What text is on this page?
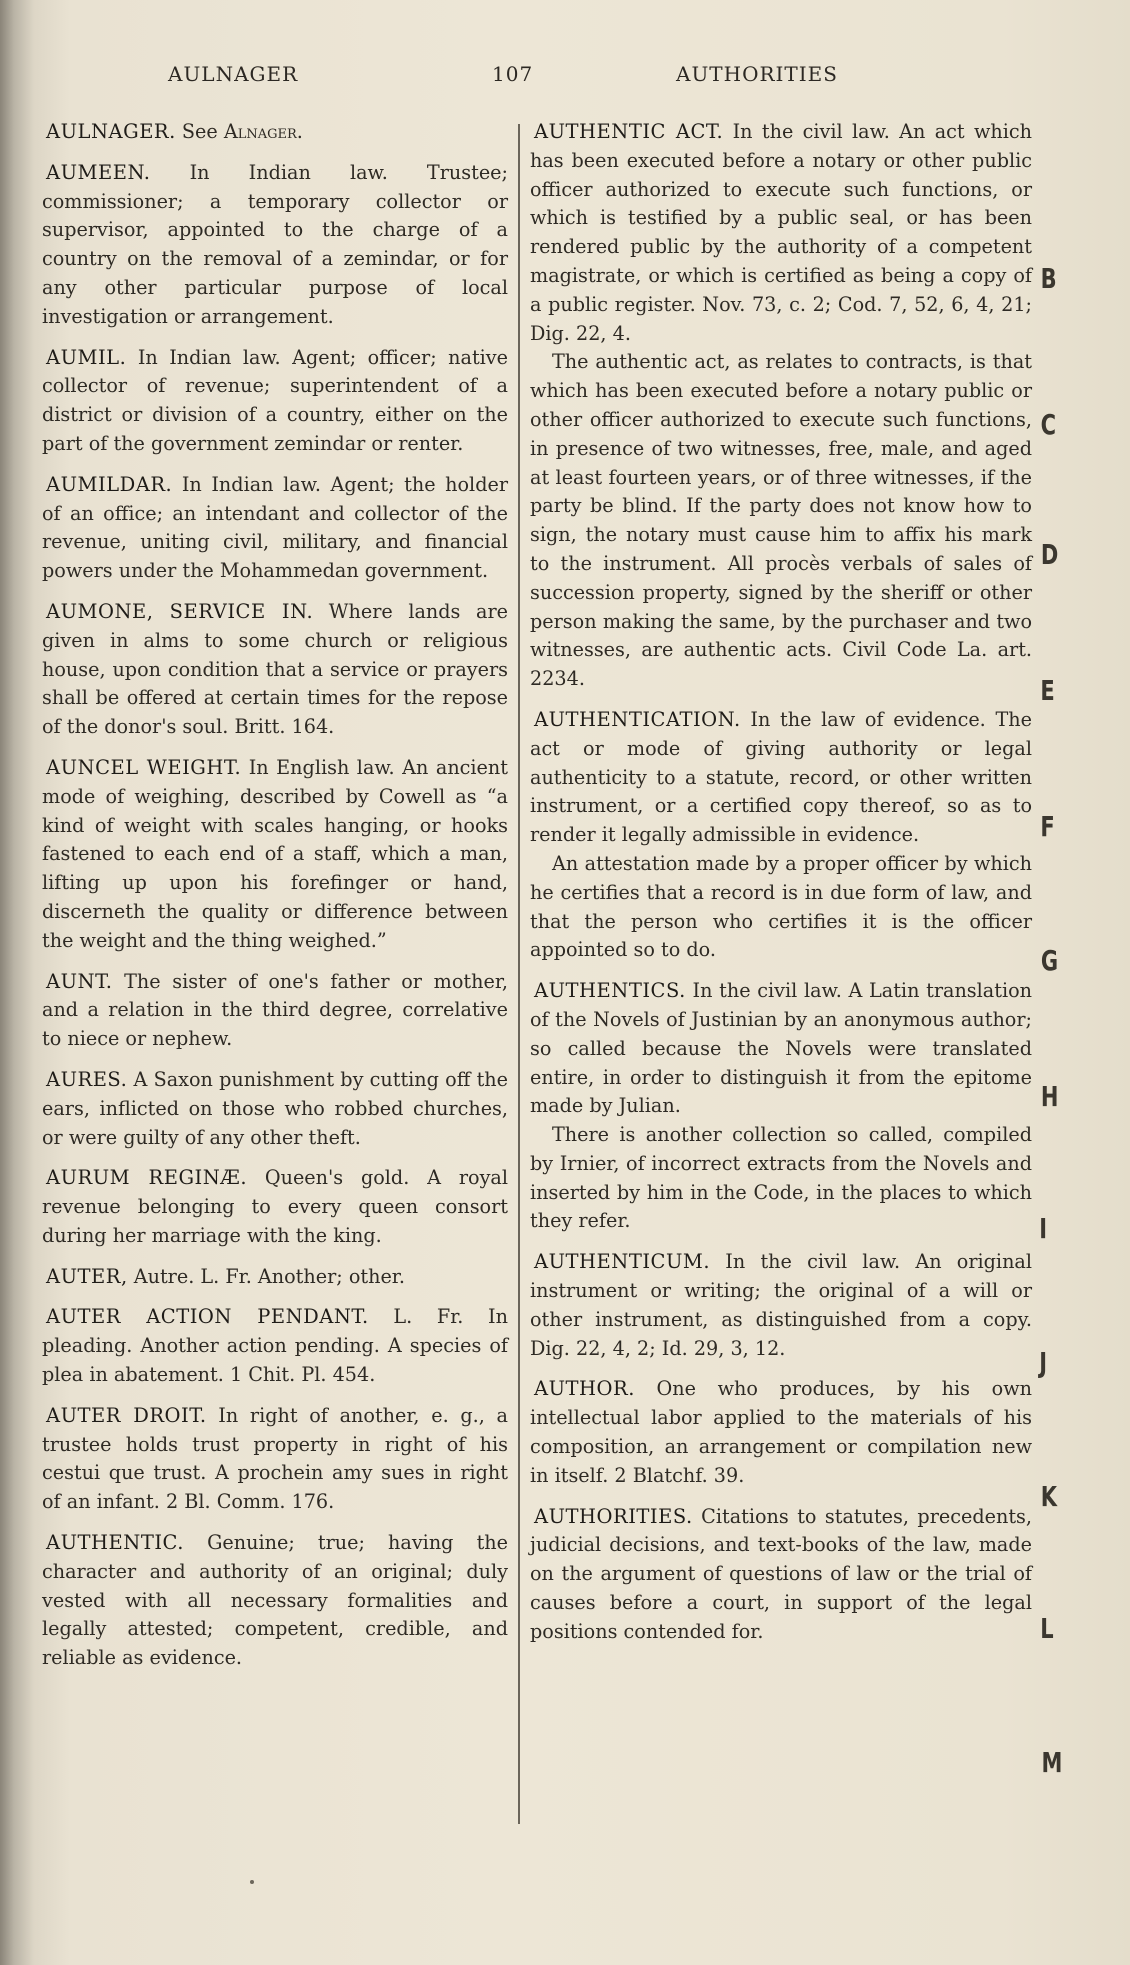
AULNAGER	107	AUTHORITIES

AULNAGER. See Alnager.

AUMEEN. In Indian law. Trustee; commissioner; a temporary collector or supervisor, appointed to the charge of a country on the removal of a zemindar, or for any other particular purpose of local investigation or arrangement.

AUMIL. In Indian law. Agent; officer; native collector of revenue; superintendent of a district or division of a country, either on the part of the government zemindar or renter.

AUMILDAR. In Indian law. Agent; the holder of an office; an intendant and collector of the revenue, uniting civil, military, and financial powers under the Mohammedan government.

AUMONE, SERVICE IN. Where lands are given in alms to some church or religious house, upon condition that a service or prayers shall be offered at certain times for the repose of the donor's soul. Britt. 164.

AUNCEL WEIGHT. In English law. An ancient mode of weighing, described by Cowell as “a kind of weight with scales hanging, or hooks fastened to each end of a staff, which a man, lifting up upon his forefinger or hand, discerneth the quality or difference between the weight and the thing weighed.”

AUNT. The sister of one's father or mother, and a relation in the third degree, correlative to niece or nephew.

AURES. A Saxon punishment by cutting off the ears, inflicted on those who robbed churches, or were guilty of any other theft.

AURUM REGINÆ. Queen's gold. A royal revenue belonging to every queen consort during her marriage with the king.

AUTER, Autre. L. Fr. Another; other.

AUTER ACTION PENDANT. L. Fr. In pleading. Another action pending. A species of plea in abatement. 1 Chit. Pl. 454.

AUTER DROIT. In right of another, e. g., a trustee holds trust property in right of his cestui que trust. A prochein amy sues in right of an infant. 2 Bl. Comm. 176.

AUTHENTIC. Genuine; true; having the character and authority of an original; duly vested with all necessary formalities and legally attested; competent, credible, and reliable as evidence.

AUTHENTIC ACT. In the civil law. An act which has been executed before a notary or other public officer authorized to execute such functions, or which is testified by a public seal, or has been rendered public by the authority of a competent magistrate, or which is certified as being a copy of a public register. Nov. 73, c. 2; Cod. 7, 52, 6, 4, 21; Dig. 22, 4.

The authentic act, as relates to contracts, is that which has been executed before a notary public or other officer authorized to execute such functions, in presence of two witnesses, free, male, and aged at least fourteen years, or of three witnesses, if the party be blind. If the party does not know how to sign, the notary must cause him to affix his mark to the instrument. All procès verbals of sales of succession property, signed by the sheriff or other person making the same, by the purchaser and two witnesses, are authentic acts. Civil Code La. art. 2234.

AUTHENTICATION. In the law of evidence. The act or mode of giving authority or legal authenticity to a statute, record, or other written instrument, or a certified copy thereof, so as to render it legally admissible in evidence.

An attestation made by a proper officer by which he certifies that a record is in due form of law, and that the person who certifies it is the officer appointed so to do.

AUTHENTICS. In the civil law. A Latin translation of the Novels of Justinian by an anonymous author; so called because the Novels were translated entire, in order to distinguish it from the epitome made by Julian.

There is another collection so called, compiled by Irnier, of incorrect extracts from the Novels and inserted by him in the Code, in the places to which they refer.

AUTHENTICUM. In the civil law. An original instrument or writing; the original of a will or other instrument, as distinguished from a copy. Dig. 22, 4, 2; Id. 29, 3, 12.

AUTHOR. One who produces, by his own intellectual labor applied to the materials of his composition, an arrangement or compilation new in itself. 2 Blatchf. 39.

AUTHORITIES. Citations to statutes, precedents, judicial decisions, and text-books of the law, made on the argument of questions of law or the trial of causes before a court, in support of the legal positions contended for.

B
C
D
E
F
G
H
I
J
K
L
M
